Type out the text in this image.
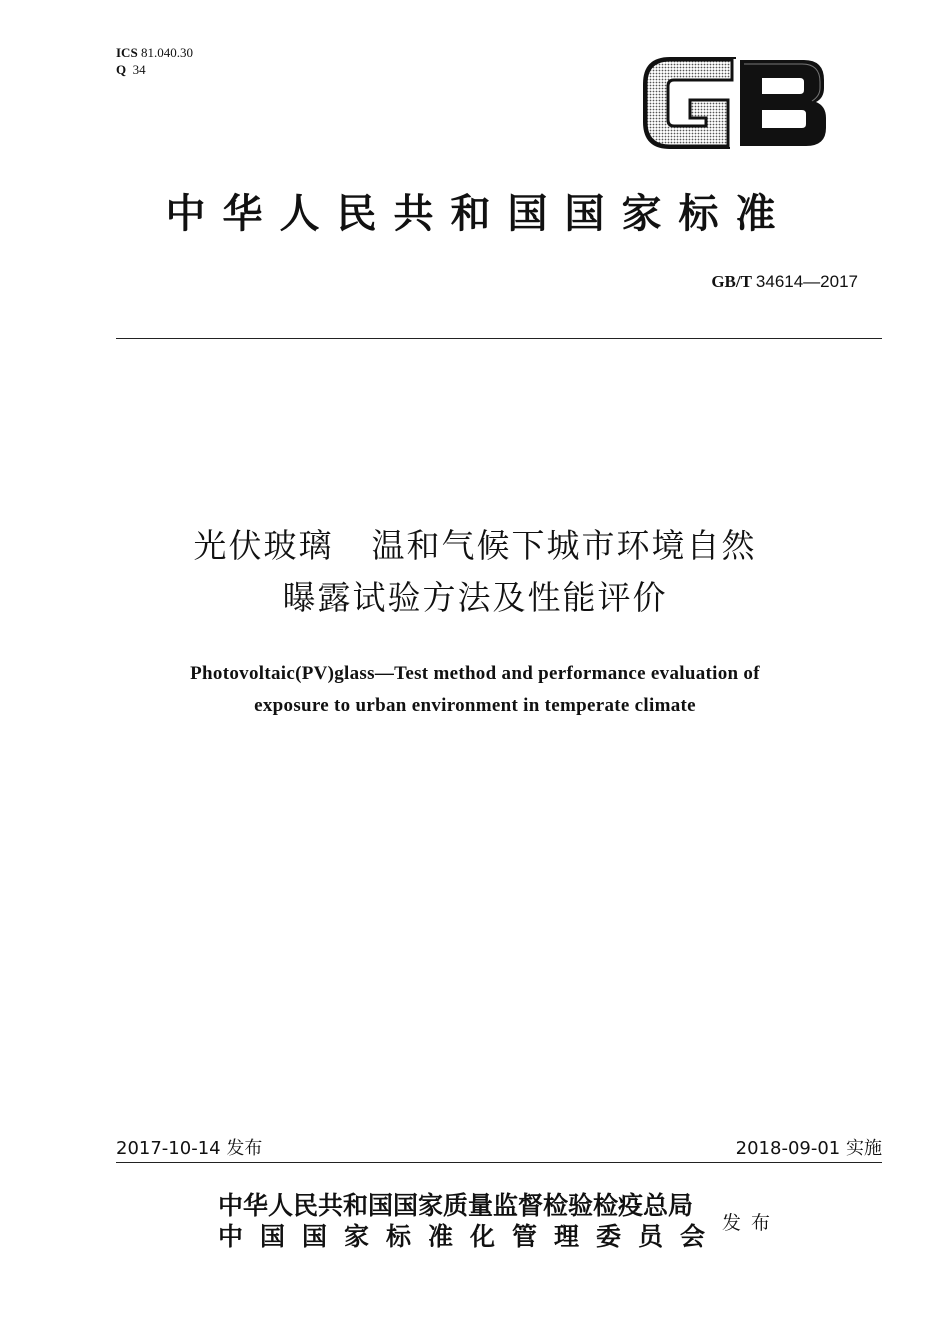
ICS 81.040.30
Q 34
GB
中华人民共和国国家标准
GB/T 34614—2017
光伏玻璃 温和气候下城市环境自然
曝露试验方法及性能评价
Photovoltaic(PV)glass—Test method and performance evaluation of
exposure to urban environment in temperate climate
2017-10-14 发布	2018-09-01 实施
中华人民共和国国家质量监督检验检疫总局
中国国家标准化管理委员会 发布
